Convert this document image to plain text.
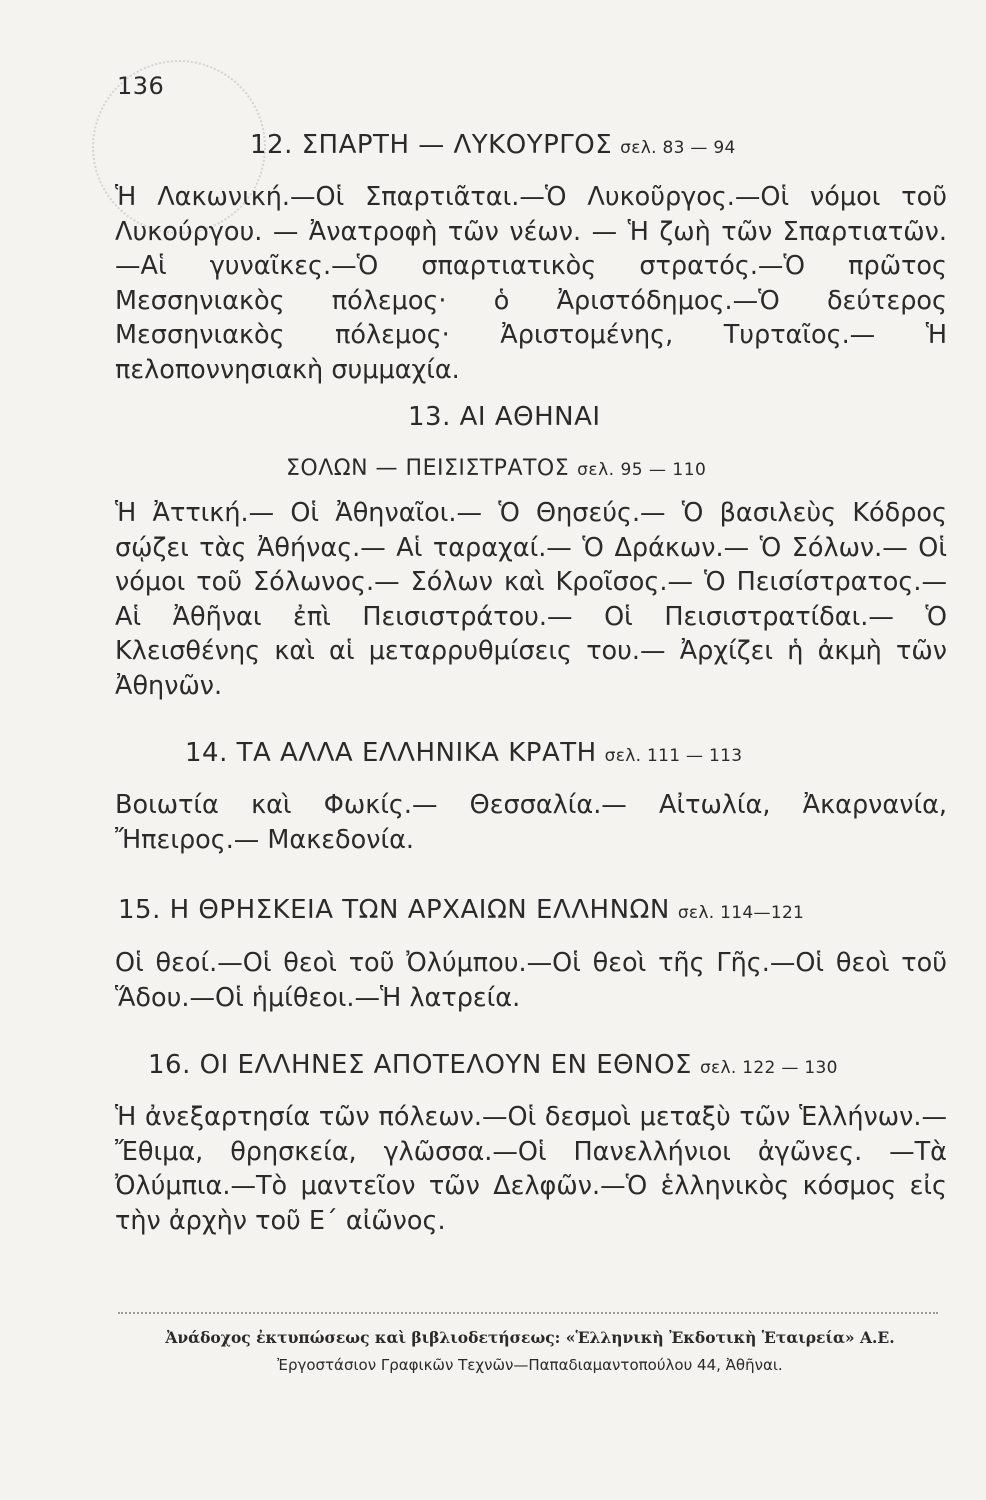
136
12. ΣΠΑΡΤΗ — ΛΥΚΟΥΡΓΟΣ σελ. 83 — 94
Ἡ Λακωνική.—Οἱ Σπαρτιᾶται.—Ὁ Λυκοῦργος.—Οἱ νόμοι τοῦ Λυκούργου. — Ἀνατροφὴ τῶν νέων. — Ἡ ζωὴ τῶν Σπαρτιατῶν.—Αἱ γυναῖκες.—Ὁ σπαρτιατικὸς στρατός.—Ὁ πρῶτος Μεσσηνιακὸς πόλεμος· ὁ Ἀριστόδημος.—Ὁ δεύτερος Μεσσηνιακὸς πόλεμος· Ἀριστομένης, Τυρταῖος.— Ἡ πελοποννησιακὴ συμμαχία.
13. ΑΙ ΑΘΗΝΑΙ
ΣΟΛΩΝ — ΠΕΙΣΙΣΤΡΑΤΟΣ σελ. 95 — 110
Ἡ Ἀττική.— Οἱ Ἀθηναῖοι.— Ὁ Θησεύς.— Ὁ βασιλεὺς Κόδρος σῴζει τὰς Ἀθήνας.— Αἱ ταραχαί.— Ὁ Δράκων.— Ὁ Σόλων.— Οἱ νόμοι τοῦ Σόλωνος.— Σόλων καὶ Κροῖσος.— Ὁ Πεισίστρατος.— Αἱ Ἀθῆναι ἐπὶ Πεισιστράτου.— Οἱ Πεισιστρατίδαι.— Ὁ Κλεισθένης καὶ αἱ μεταρρυθμίσεις του.— Ἀρχίζει ἡ ἀκμὴ τῶν Ἀθηνῶν.
14. ΤΑ ΑΛΛΑ ΕΛΛΗΝΙΚΑ ΚΡΑΤΗ σελ. 111 — 113
Βοιωτία καὶ Φωκίς.— Θεσσαλία.— Αἰτωλία, Ἀκαρνανία, Ἤπειρος.— Μακεδονία.
15. Η ΘΡΗΣΚΕΙΑ ΤΩΝ ΑΡΧΑΙΩΝ ΕΛΛΗΝΩΝ σελ. 114—121
Οἱ θεοί.—Οἱ θεοὶ τοῦ Ὀλύμπου.—Οἱ θεοὶ τῆς Γῆς.—Οἱ θεοὶ τοῦ Ἅδου.—Οἱ ἡμίθεοι.—Ἡ λατρεία.
16. ΟΙ ΕΛΛΗΝΕΣ ΑΠΟΤΕΛΟΥΝ ΕΝ ΕΘΝΟΣ σελ. 122 — 130
Ἡ ἀνεξαρτησία τῶν πόλεων.—Οἱ δεσμοὶ μεταξὺ τῶν Ἑλλήνων.—Ἔθιμα, θρησκεία, γλῶσσα.—Οἱ Πανελλήνιοι ἀγῶνες. —Τὰ Ὀλύμπια.—Τὸ μαντεῖον τῶν Δελφῶν.—Ὁ ἑλληνικὸς κόσμος εἰς τὴν ἀρχὴν τοῦ Ε΄ αἰῶνος.
Ἀνάδοχος ἐκτυπώσεως καὶ βιβλιοδετήσεως: «Ἑλληνικὴ Ἐκδοτικὴ Ἑταιρεία» Α.Ε.
Ἐργοστάσιον Γραφικῶν Τεχνῶν—Παπαδιαμαντοπούλου 44, Ἀθῆναι.
